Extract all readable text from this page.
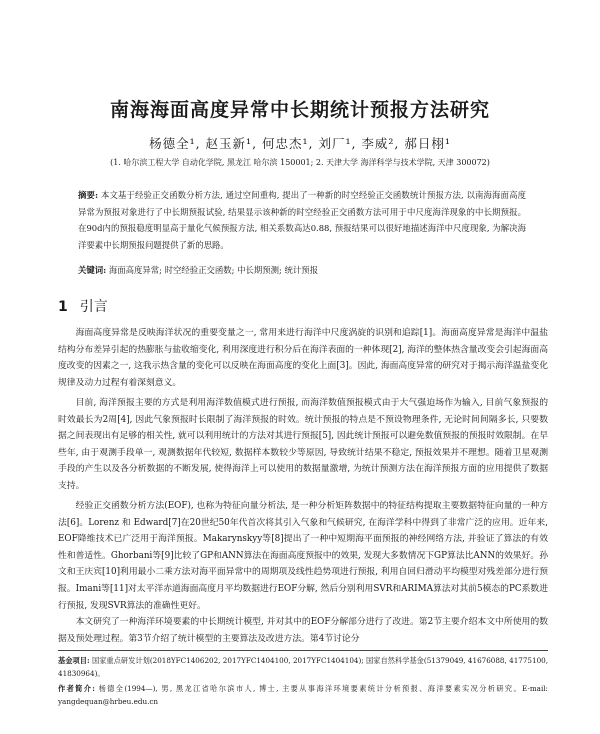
南海海面高度异常中长期统计预报方法研究
杨德全¹, 赵玉新¹, 何忠杰¹, 刘厂¹, 李威², 郝日栩¹
(1. 哈尔滨工程大学 自动化学院, 黑龙江 哈尔滨 150001; 2. 天津大学 海洋科学与技术学院, 天津 300072)
摘要: 本文基于经验正交函数分析方法, 通过空间重构, 提出了一种新的时空经验正交函数统计预报方法, 以南海海面高度异常为预报对象进行了中长期预报试验, 结果显示该种新的时空经验正交函数方法可用于中尺度海洋现象的中长期预报。在90d内的预报稳度明显高于量化气候预报方法, 相关系数高达0.88, 预报结果可以很好地描述海洋中尺度现象, 为解决海洋要素中长期预报问题提供了新的思路。
关键词: 海面高度异常; 时空经验正交函数; 中长期预测; 统计预报
1 引言

海面高度异常是反映海洋状况的重要变量之一, 常用来进行海洋中尺度涡旋的识别和追踪[1]。海面高度异常是海洋中温盐结构分布差异引起的热膨胀与盐收缩变化, 利用深度进行积分后在海洋表面的一种体现[2], 海洋的整体热含量改变会引起海面高度改变的因素之一, 这我示热含量的变化可以反映在海面高度的变化上面[3]。因此, 海面高度异常的研究对于揭示海洋温盐变化规律及动力过程有着深刻意义。

目前, 海洋预报主要的方式是利用海洋数值模式进行预报, 而海洋数值预报模式由于大气强迫场作为输入, 目前气象预报的时效最长为2周[4], 因此气象预报时长限制了海洋预报的时效。统计预报的特点是不预设物理条件, 无论时间间隔多长, 只要数据之间表现出有足够的相关性, 就可以利用统计的方法对其进行预报[5], 因此统计预报可以避免数值预报的预报时效限制。在早些年, 由于观测手段单一, 观测数据年代较短, 数据样本数较少等原因, 导致统计结果不稳定, 预报效果并不理想。随着卫星观测手段的产生以及各分析数据的不断发展, 使得海洋上可以使用的数据量激增, 为统计预测方法在海洋预报方面的应用提供了数据支持。

经验正交函数分析方法(EOF), 也称为特征向量分析法, 是一种分析矩阵数据中的特征结构提取主要数据特征向量的一种方法[6]。Lorenz 和 Edward[7]在20世纪50年代首次将其引入气象和气候研究, 在海洋学科中得到了非常广泛的应用。近年来, EOF降维技术已广泛用于海洋预报。Makarynskyy等[8]提出了一种中短期海平面预报的神经网络方法, 并验证了算法的有效性和普适性。Ghorbani等[9]比较了GP和ANN算法在海面高度预报中的效果, 发现大多数情况下GP算法比ANN的效果好。孙文和王庆宾[10]利用最小二乘方法对海平面异常中的周期项及线性趋势项进行预报, 利用自回归滑动平均模型对残差部分进行预报。Imani等[11]对太平洋赤道海面高度月平均数据进行EOF分解, 然后分别利用SVR和ARIMA算法对其前5模态的PC系数进行预报, 发现SVR算法的准确性更好。

本文研究了一种海洋环境要素的中长期统计模型, 并对其中的EOF分解部分进行了改进。第2节主要介绍本文中所使用的数据及预处理过程。第3节介绍了统计模型的主要算法及改进方法。第4节讨论分

基金项目: 国家重点研发计划(2018YFC1406202, 2017YFC1404100, 2017YFC1404104); 国家自然科学基金(51379049, 41676088, 41775100, 41830964)。
作者简介: 杨德全(1994—), 男, 黑龙江省哈尔滨市人, 博士, 主要从事海洋环境要素统计分析预报、海洋要素实况分析研究。E-mail: yangdequan@hrbeu.edu.cn
